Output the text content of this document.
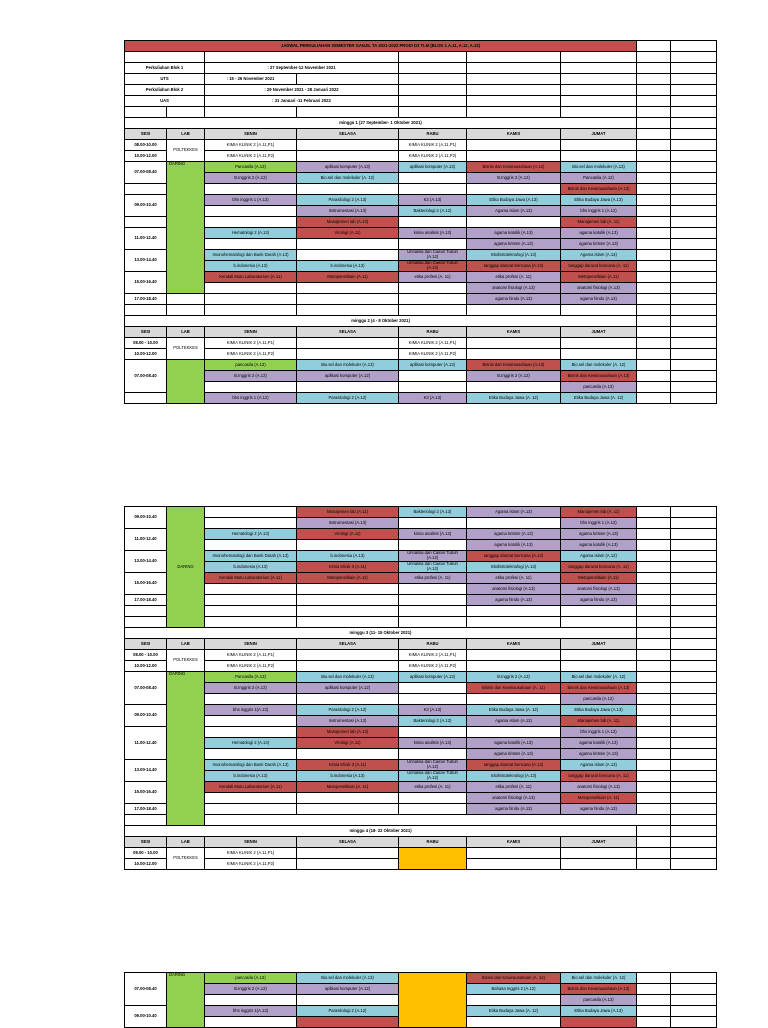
JADWAL PERKULIAHAN SEMESTER GANJIL TA 2021-2022 PRODI D3 TLM (BLOK 1 A.11, A.12, A.13)								

Perkuliahan Blok 1		: 27 September-12 November 2021						
UTS		: 15 - 26 November 2021						
Perkuliahan Blok 2		: 29 November 2021 - 28 Januari 2022						
UAS		: 31 Januari -11 Februari 2022						

minggu 1 (27 September- 1 Oktober 2021)								
SESI	LAB	SENIN	SELASA	RABU	KAMIS	JUMAT		
08.00-10.00	POLTEKKES	KIMIA KLINIK 2 (A.11,P1)		KIMIA KLINIK 2 (A.11,P1)				
10.00-12.00		KIMIA KLINIK 2 (A.11,P2)		KIMIA KLINIK 2 (A.11,P2)				
07.00-08.40	DARING	Pancasila (A.13)	aplikasi komputer (A.13)	aplikasi komputer (A.13)	Bisnis dan Kewirausahaan (A.12)	Bio.sel dan molekuler (A.13)		
		B.Inggris 2 (A.12)	Bio.sel dan molekuler (A. 12)		B.Inggris 2 (A.12)	Pancasila (A.12)		
						Bisnis dan Kewirausahaan (A.13)		
09.00-10.40		bhs inggris 1 (A.13)	Parasitologi 2 (A.13)	K3 (A.13)	Etika Budaya Jawa (A.13)	Etika Budaya Jawa (A.13)		
			Instrumentasi (A.13)	Bakteriologi 2 (A.12)	Agama islam (A.13)	bhs inggris 1 (A.12)		
			Manajemen lab (A.13)			Manajemen lab (A. 11)		
11.00-12.40		Hematologi 2 (A.13)	Virologi (A.11)	kimia analisis (A.13)	agama katolik (A.13)	agama katolik (A.13)		
					agama kristen (A.13)	agama kristen (A.13)		
13.00-14.40		Imunohematologi dan Bank Darah (A.13)		Urinalisa dan Cairan Tubuh (A.12)	Sitohistoteknologi (A.13)	Agama islam (A.13)		
		b.indonesia (A.13)	b.indonesia (A.13)	Urinalisa dan Cairan Tubuh (A.12)	tanggap darurat bencana (A.13)	tanggap darurat bencana (A. 11)		
15.00-16.40		Kendali Mutu Laboratorium (A.11)	Metopenelitiain (A.11)	etika profesi (A. 11)	etika profesi (A. 11)	Metopenelitiain (A.11)		
					anatomi fisiologi (A.13)	anatomi fisiologi (A.13)		
17.00-18.40					agama hindu (A.13)	agama hindu (A.13)		

minggu 2 (4 - 8 Oktober 2021)								
SESI	LAB	SENIN	SELASA	RABU	KAMIS	JUMAT		
08.00 - 10.00	POLTEKKES	KIMIA KLINIK 2 (A.11,P1)		KIMIA KLINIK 2 (A.11,P1)				
10.00-12.00		KIMIA KLINIK 2 (A.11,P2)		KIMIA KLINIK 2 (A.11,P2)				
07.00-08.40		pancasila (A.13)	Bio.sel dan molekuler (A.13)	aplikasi komputer (A.13)	Bisnis dan Kewirausahaan (A.13)	Bio.sel dan molekuler (A. 12)		
		B.Inggris 2 (A.12)	aplikasi komputer (A.12)		B.Inggris 2 (A.12)	Bisnis dan Kewirausahaan (A.13)		
						pancasila (A.13)		
		bhs inggris 1 (A.12)	Parasitologi 2 (A.12)	K3 (A.13)	Etika Budaya Jawa (A. 12)	Etika Budaya Jawa (A. 12)		
09.00-10.40	DARING		Manajemen lab (A.11)	Bakteriologi 2 (A.13)	Agama islam (A.13)	Manajemen lab (A. 11)			
			Instrumentasi (A.13)			bhs inggris 1 (A.13)			
11.00-12.40		Hematologi 2 (A.13)	Virologi (A.11)	kimia analisis (A.13)	agama kristen (A.13)	agama kristen (A.13)			
					agama katolik (A.13)	agama katolik (A.13)			
13.00-14.40		Imunohematologi dan Bank Darah (A.13)	b.indonesia (A.13)	Urinalisa dan Cairan Tubuh (A.12)	tanggap darurat bencana (A.13)	Agama islam (A.12)			
		b.indonesia (A.13)	Kimia Klinik 3 (A.11)	Urinalisa dan Cairan Tubuh (A.12)	Sitohistoteknologi (A.13)	tanggap darurat bencana (A. 11)			
15.00-16.40		Kendali Mutu Laboratorium (A.11)	Metopenelitiain (A.11)	etika profesi (A. 11)	etika profesi (A. 11)	Metopenelitiain (A.11)			
					anatomi fisiologi (A.13)	anatomi fisiologi (A.13)			
17.00-18.40					agama hindu (A.13)	agama hindu (A.13)			

minggu 3 (11- 15 Oktober 2021)									
SESI	LAB	SENIN	SELASA	RABU	KAMIS	JUMAT			
08.00 - 10.00	POLTEKKES	KIMIA KLINIK 2 (A.11,P1)		KIMIA KLINIK 2 (A.11,P1)					
10.00-12.00		KIMIA KLINIK 2 (A.11,P2)		KIMIA KLINIK 2 (A.11,P2)					
07.00-08.40	DARING	Pancasila (A.13)	Bio.sel dan molekuler (A.13)	aplikasi komputer (A.13)	B.Inggris 2 (A.13)	Bio.sel dan molekuler (A. 12)			
		B.Inggris 2 (A.12)	aplikasi komputer (A.12)		Bisnis dan Kewirausahaan (A. 11)	Bisnis dan Kewirausahaan (A.13)			
						pancasila (A.12)			
09.00-10.40		bhs inggris 1(A.13)	Parasitologi 2 (A.12)	K3 (A.13)	Etika Budaya Jawa (A. 12)	Etika Budaya Jawa (A.13)			
			Instrumentasi (A.13)	Bakteriologi 2 (A.12)	Agama islam (A.13)	Manajemen lab (A. 11)			
11.00-12.40			Manajemen lab (A.13)			bhs inggris 1 (A.13)			
		Hematologi 2 (A.13)	Virologi (A.11)	kimia analisis (A.13)	agama katolik (A.13)	agama katolik (A.13)			
					agama kristen (A.13)	agama kristen (A.13)			
13.00-14.40		Imunohematologi dan Bank Darah (A.13)	Kimia Klinik 3 (A.11)	Urinalisa dan Cairan Tubuh (A.12)	tanggap darurat bencana (A.13)	Agama islam (A.13)			
		b.indonesia (A.13)	b.indonesia (A.13)	Urinalisa dan Cairan Tubuh (A.12)	Sitohistoteknologi (A.13)	tanggap darurat bencana (A. 11)			
15.00-16.40		Kendali Mutu Laboratorium (A.11)	Metopenelitiain (A. 11)	etika profesi (A. 11)	etika profesi (A. 11)	anatomi fisiologi (A.13)			
					anatomi fisiologi (A.13)	Metopenelitiain (A. 11)			
17.00-18.40					agama hindu (A.13)	agama hindu (A.13)			

minggu 4 (18- 22 Oktober 2021)								
SESI	LAB	SENIN	SELASA	RABU	KAMIS	JUMAT		
08.00 - 10.00	POLTEKKES	KIMIA KLINIK 2 (A.11,P1)						
10.00-12.00		KIMIA KLINIK 2 (A.11,P2)						
07.00-08.40	DARING	pancasila (A.13)	Bio.sel dan molekuler (A.13)		Bisnis dan Kewirausahaan (A. 12)	Bio.sel dan molekuler (A. 12)		
		B.Inggris 2 (A.12)	aplikasi komputer (A.12)		Bahasa Inggris 2 (A.12)	Bisnis dan Kewirausahaan (A.13)		
						pancasila (A.13)		
09.00-10.40		bhs inggris 1(A.13)	Parasitologi 2 (A.12)		Etika Budaya Jawa (A. 12)	Etika Budaya Jawa (A.13)		
